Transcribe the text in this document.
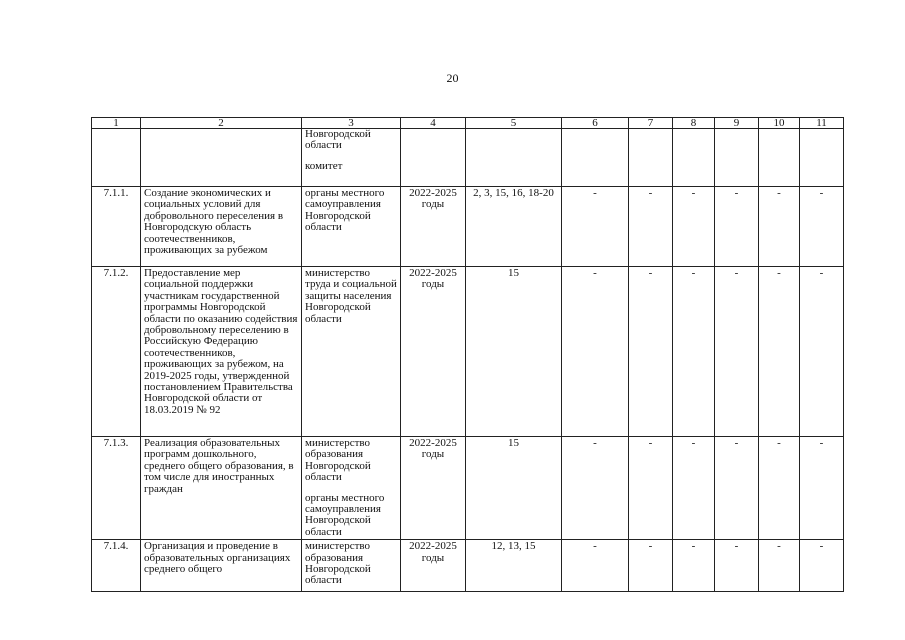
20
1	2	3	4	5	6	7	8	9	10	11

		Новгородской области
комитет								

7.1.1.	Создание экономических и социальных условий для добровольного переселения в Новгородскую область соотечественников, проживающих за рубежом	органы местного самоуправления Новгородской области	2022-2025 годы	2, 3, 15, 16, 18-20	-	-	-	-	-	-
7.1.2.	Предоставление мер социальной поддержки участникам государственной программы Новгородской области по оказанию содействия добровольному переселению в Российскую Федерацию соотечественников, проживающих за рубежом, на 2019-2025 годы, утвержденной постановлением Правительства Новгородской области от 18.03.2019 № 92	министерство труда и социальной защиты населения Новгородской области	2022-2025 годы	15	-	-	-	-	-	-
7.1.3.	Реализация образовательных программ дошкольного, среднего общего образования, в том числе для иностранных граждан	министерство образования Новгородской области
органы местного самоуправления Новгородской области	2022-2025 годы	15	-	-	-	-	-	-
7.1.4.	Организация и проведение в образовательных организациях среднего общего	министерство образования Новгородской области	2022-2025 годы	12, 13, 15	-	-	-	-	-	-
